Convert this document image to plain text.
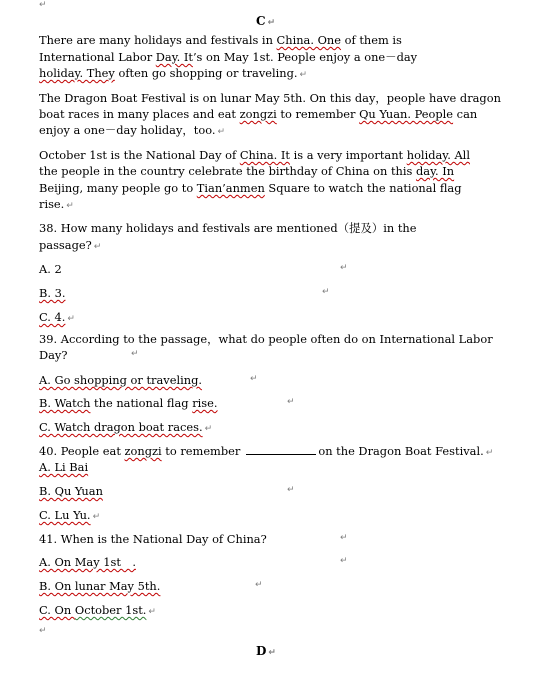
↵
C ↵
There are many holidays and festivals in China. One of them is
International Labor Day. It’s on May 1st. People enjoy a one－day
holiday. They often go shopping or traveling. ↵
The Dragon Boat Festival is on lunar May 5th. On this day，people have dragon
boat races in many places and eat zongzi to remember Qu Yuan. People can
enjoy a one－day holiday，too. ↵
October 1st is the National Day of China. It is a very important holiday. All
the people in the country celebrate the birthday of China on this day. In
Beijing, many people go to Tian’anmen Square to watch the national flag
rise. ↵
38. How many holidays and festivals are mentioned（提及）in the
passage? ↵
A. 2	↵
B. 3.	↵
C. 4. ↵
39. According to the passage，what do people often do on International Labor
Day?	↵
A. Go shopping or traveling.	↵
B. Watch the national flag rise.	↵
C. Watch dragon boat races. ↵
40. People eat zongzi to remember	on the Dragon Boat Festival. ↵
A. Li Bai
B. Qu Yuan	↵
C. Lu Yu. ↵
41. When is the National Day of China?	↵
A. On May 1st　.	↵
B. On lunar May 5th.	↵
C. On October 1st. ↵
↵
D ↵
